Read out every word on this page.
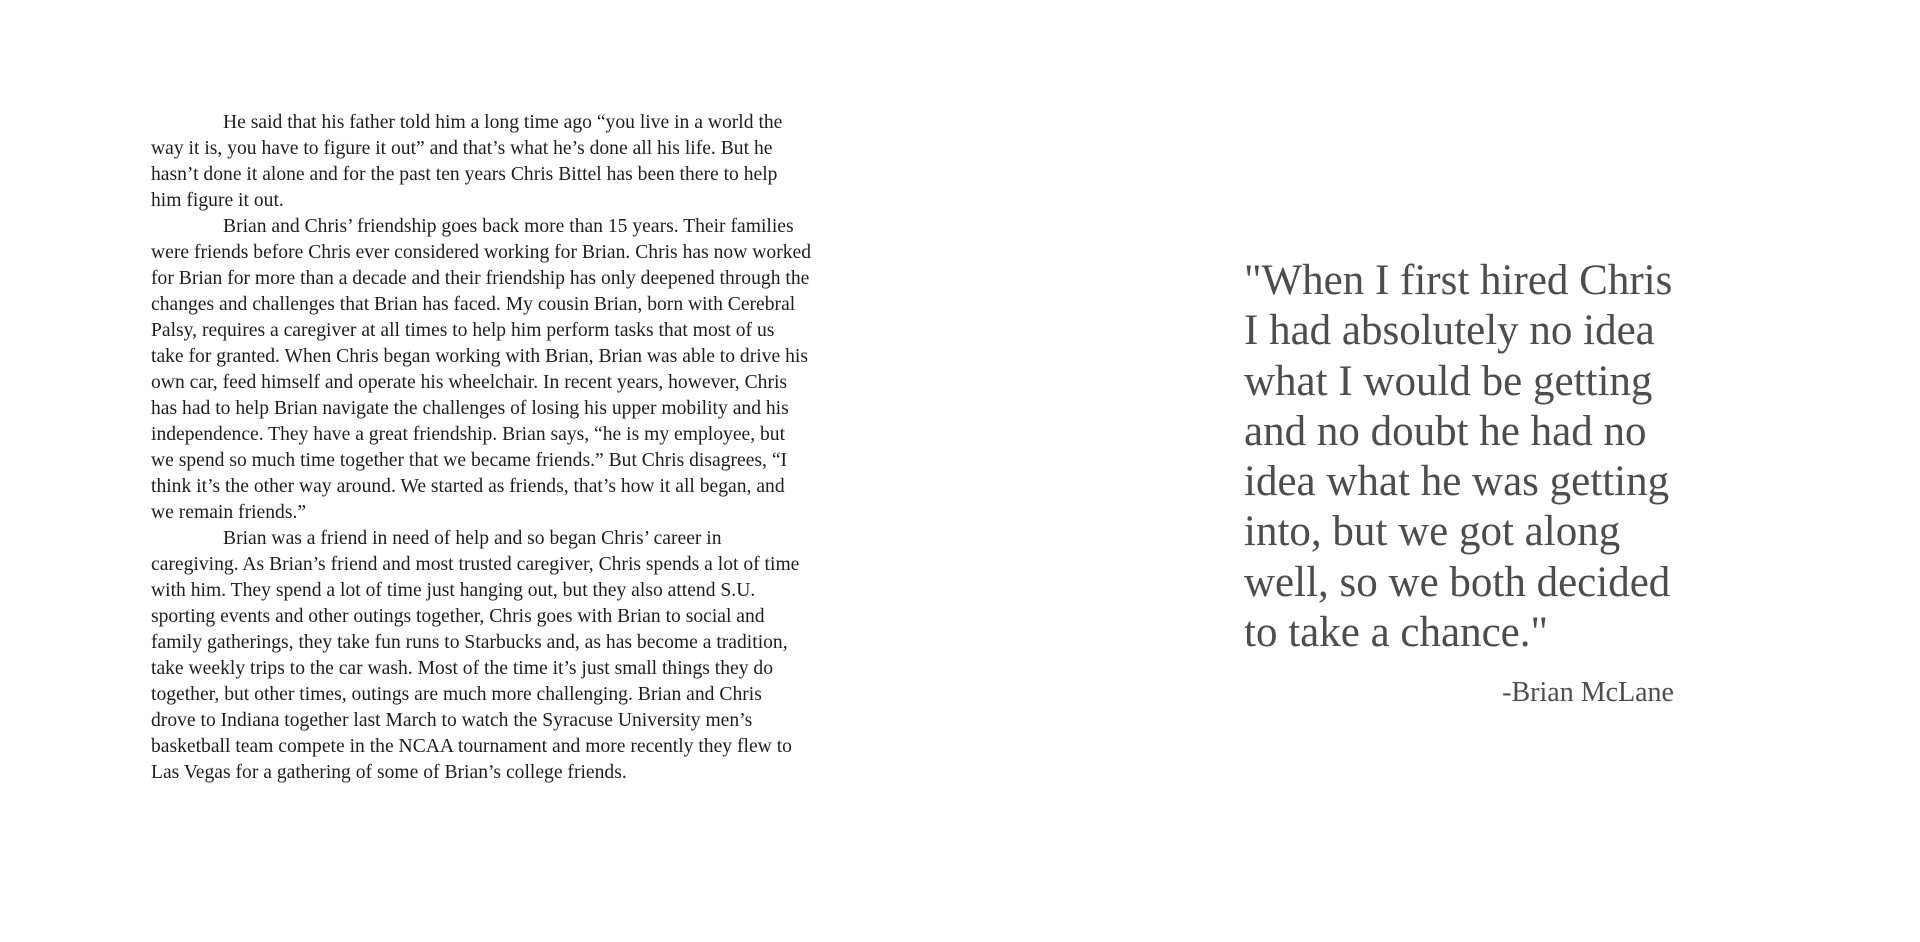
He said that his father told him a long time ago “you live in a world the way it is, you have to figure it out” and that’s what he’s done all his life. But he hasn’t done it alone and for the past ten years Chris Bittel has been there to help him figure it out.

Brian and Chris’ friendship goes back more than 15 years. Their families were friends before Chris ever considered working for Brian. Chris has now worked for Brian for more than a decade and their friendship has only deepened through the changes and challenges that Brian has faced. My cousin Brian, born with Cerebral Palsy, requires a caregiver at all times to help him perform tasks that most of us take for granted. When Chris began working with Brian, Brian was able to drive his own car, feed himself and operate his wheelchair. In recent years, however, Chris has had to help Brian navigate the challenges of losing his upper mobility and his independence. They have a great friendship. Brian says, “he is my employee, but we spend so much time together that we became friends.” But Chris disagrees, “I think it’s the other way around. We started as friends, that’s how it all began, and we remain friends.”

Brian was a friend in need of help and so began Chris’ career in caregiving. As Brian’s friend and most trusted caregiver, Chris spends a lot of time with him. They spend a lot of time just hanging out, but they also attend S.U. sporting events and other outings together, Chris goes with Brian to social and family gatherings, they take fun runs to Starbucks and, as has become a tradition, take weekly trips to the car wash. Most of the time it’s just small things they do together, but other times, outings are much more challenging. Brian and Chris drove to Indiana together last March to watch the Syracuse University men’s basketball team compete in the NCAA tournament and more recently they flew to Las Vegas for a gathering of some of Brian’s college friends.

"When I first hired Chris I had absolutely no idea what I would be getting and no doubt he had no idea what he was getting into, but we got along well, so we both decided to take a chance."

-Brian McLane
